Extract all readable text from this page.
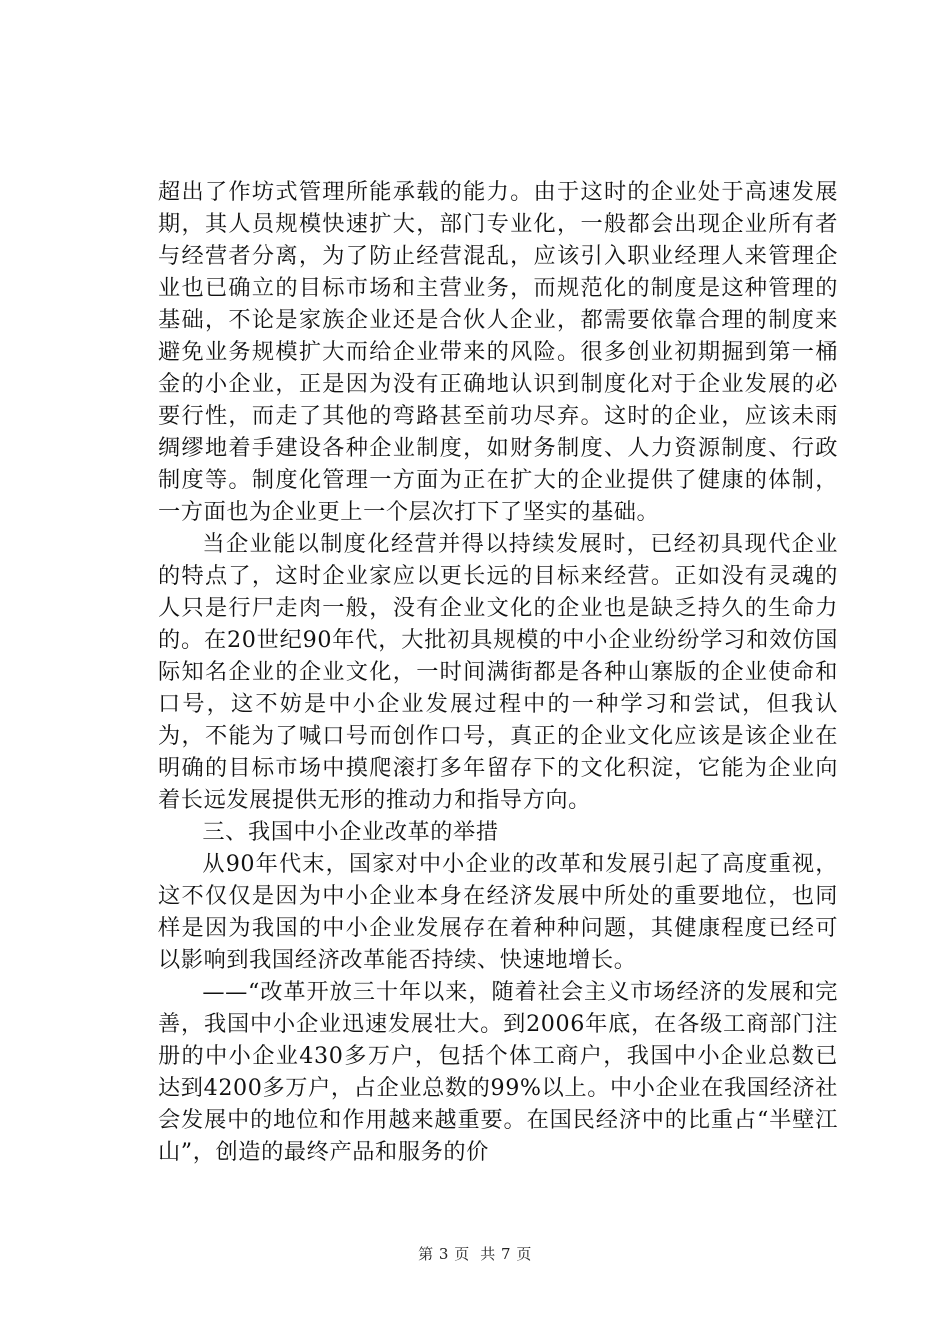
超出了作坊式管理所能承载的能力。由于这时的企业处于高速发展期，其人员规模快速扩大，部门专业化，一般都会出现企业所有者与经营者分离，为了防止经营混乱，应该引入职业经理人来管理企业也已确立的目标市场和主营业务，而规范化的制度是这种管理的基础，不论是家族企业还是合伙人企业，都需要依靠合理的制度来避免业务规模扩大而给企业带来的风险。很多创业初期掘到第一桶金的小企业，正是因为没有正确地认识到制度化对于企业发展的必要行性，而走了其他的弯路甚至前功尽弃。这时的企业，应该未雨绸缪地着手建设各种企业制度，如财务制度、人力资源制度、行政制度等。制度化管理一方面为正在扩大的企业提供了健康的体制，一方面也为企业更上一个层次打下了坚实的基础。

当企业能以制度化经营并得以持续发展时，已经初具现代企业的特点了，这时企业家应以更长远的目标来经营。正如没有灵魂的人只是行尸走肉一般，没有企业文化的企业也是缺乏持久的生命力的。在20世纪90年代，大批初具规模的中小企业纷纷学习和效仿国际知名企业的企业文化，一时间满街都是各种山寨版的企业使命和口号，这不妨是中小企业发展过程中的一种学习和尝试，但我认为，不能为了喊口号而创作口号，真正的企业文化应该是该企业在明确的目标市场中摸爬滚打多年留存下的文化积淀，它能为企业向着长远发展提供无形的推动力和指导方向。

三、我国中小企业改革的举措

从90年代末，国家对中小企业的改革和发展引起了高度重视，这不仅仅是因为中小企业本身在经济发展中所处的重要地位，也同样是因为我国的中小企业发展存在着种种问题，其健康程度已经可以影响到我国经济改革能否持续、快速地增长。

——“改革开放三十年以来，随着社会主义市场经济的发展和完善，我国中小企业迅速发展壮大。到2006年底，在各级工商部门注册的中小企业430多万户，包括个体工商户，我国中小企业总数已达到4200多万户，占企业总数的99%以上。中小企业在我国经济社会发展中的地位和作用越来越重要。在国民经济中的比重占“半壁江山”，创造的最终产品和服务的价

第 3 页  共 7 页
